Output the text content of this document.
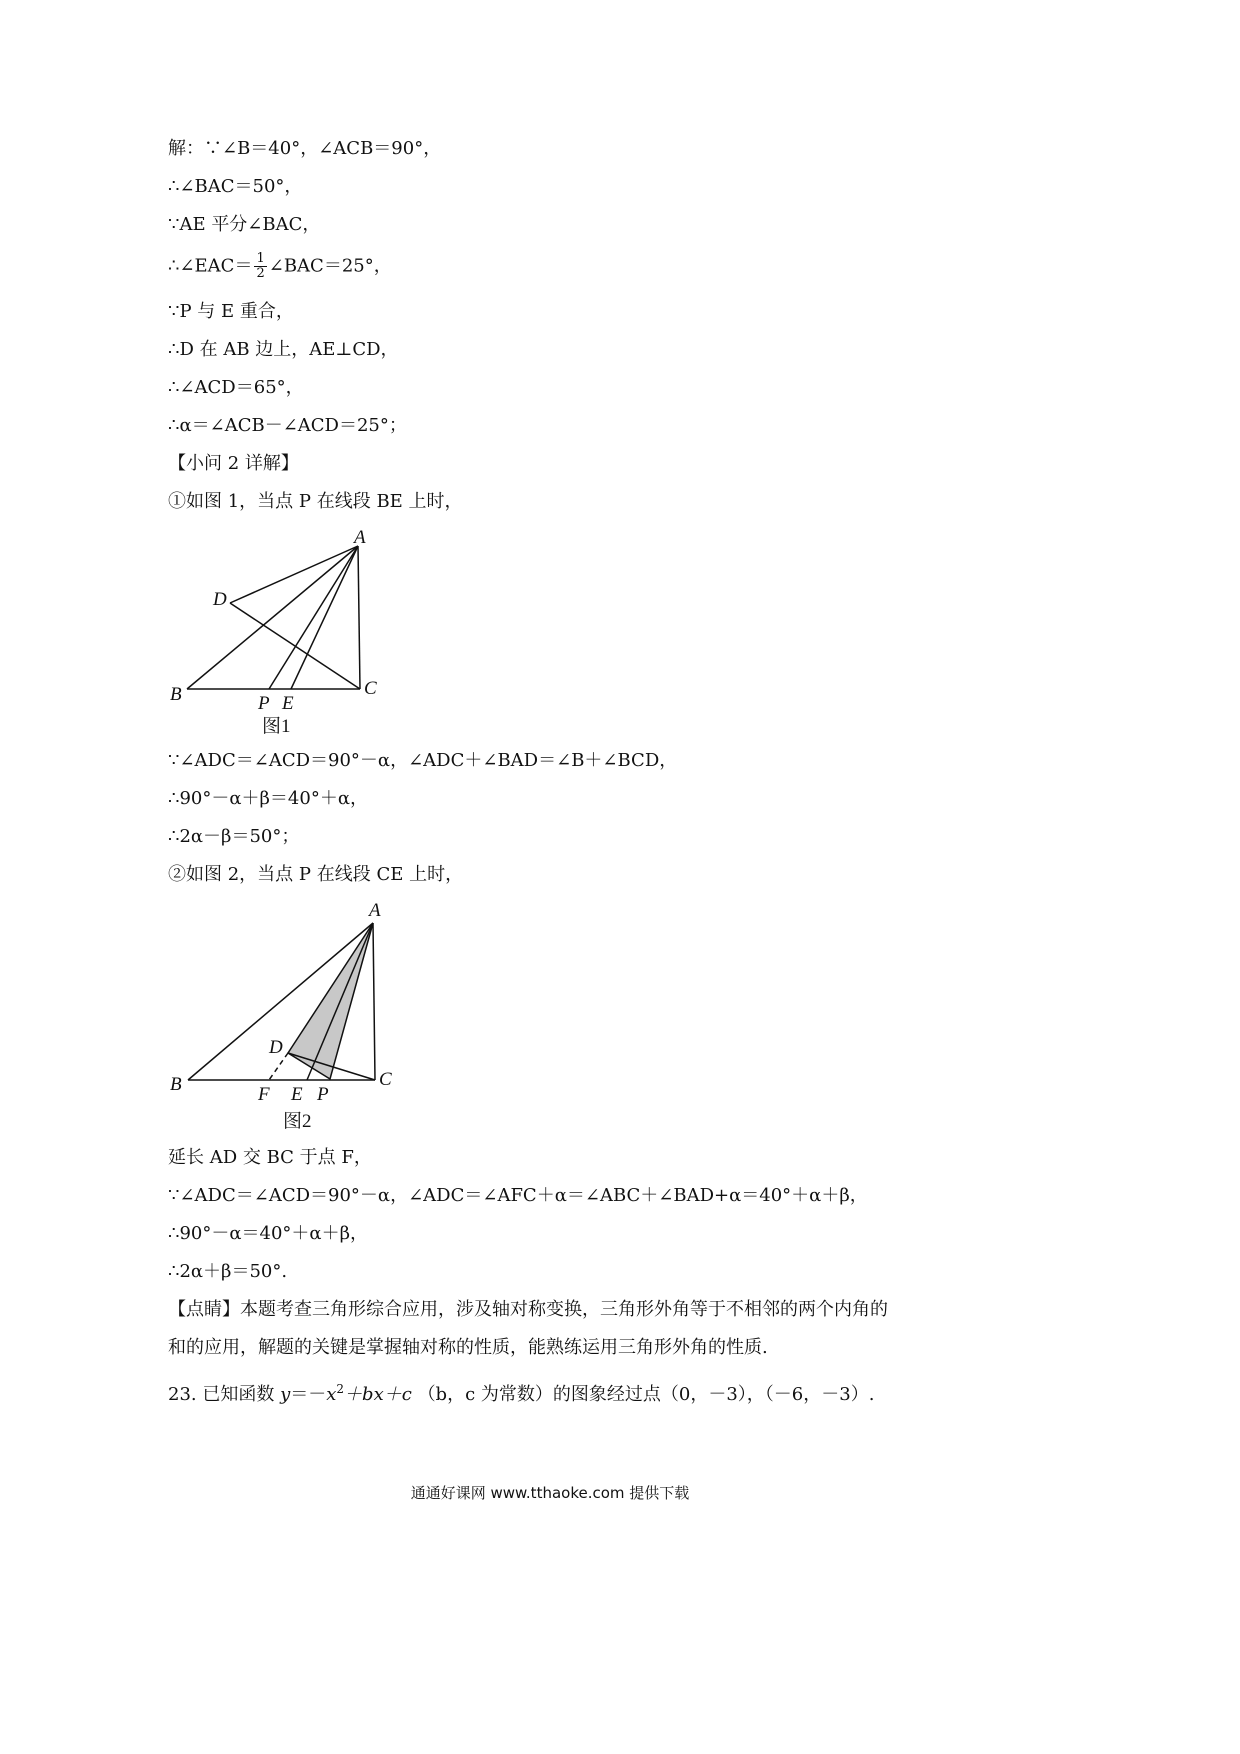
解：∵∠B＝40°，∠ACB＝90°，
∴∠BAC＝50°，
∵AE 平分∠BAC，
∴∠EAC＝ $\frac{1}{2}$ ∠BAC＝25°，
∵P 与 E 重合，
∴D 在 AB 边上，AE⊥CD，
∴∠ACD＝65°，
∴α＝∠ACB－∠ACD＝25°；
【小问 2 详解】
①如图 1，当点 P 在线段 BE 上时，
A
D
B	P E
C
图1
∵∠ADC＝∠ACD＝90°－α，∠ADC＋∠BAD＝∠B＋∠BCD，
∴90°－α＋β＝40°＋α，
∴2α－β＝50°；
②如图 2，当点 P 在线段 CE 上时，
A
D
B	F E P
C
图2
延长 AD 交 BC 于点 F，
∵∠ADC＝∠ACD＝90°－α，∠ADC＝∠AFC＋α＝∠ABC＋∠BAD+α＝40°＋α＋β，
∴90°－α＝40°＋α＋β，
∴2α＋β＝50°.
【点睛】本题考查三角形综合应用，涉及轴对称变换，三角形外角等于不相邻的两个内角的
和的应用，解题的关键是掌握轴对称的性质，能熟练运用三角形外角的性质.
23. 已知函数 $y=-x^2+bx+c$ （b，c 为常数）的图象经过点（0，－3），（－6，－3）.
通通好课网 www.tthaoke.com 提供下载
